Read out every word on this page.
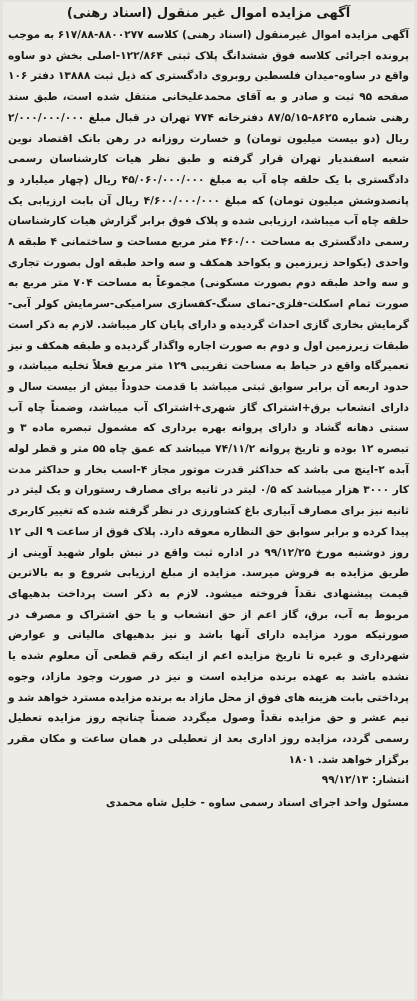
آگهی مزایده اموال غیر منقول (اسناد رهنی)

آگهی مزایده اموال غیرمنقول (اسناد رهنی) کلاسه ۸۸۰۰۲۷۷-۶۱۷/۸۸ به موجب پرونده اجرائی کلاسه فوق ششدانگ پلاک ثبتی ۱۲۲/۸۶۴-اصلی بخش دو ساوه واقع در ساوه-میدان فلسطین روبروی دادگستری که ذیل ثبت ۱۳۸۸۸ دفتر ۱۰۶ صفحه ۹۵ ثبت و صادر و به آقای محمدعلیخانی منتقل شده است، طبق سند رهنی شماره ۸۶۲۵-۸۷/۵/۱۵ دفترخانه ۷۷۴ تهران در قبال مبلغ ۲/۰۰۰/۰۰۰/۰۰۰ ریال (دو بیست میلیون تومان) و خسارت روزانه در رهن بانک اقتصاد نوین شعبه اسفندیار تهران قرار گرفته و طبق نظر هیات کارشناسان رسمی دادگستری با یک حلقه چاه آب به مبلغ ۴۵/۰۶۰/۰۰۰/۰۰۰ ریال (چهار میلیارد و پانصدوشش میلیون تومان) که مبلغ ۴/۶۰۰/۰۰۰/۰۰۰ ریال آن بابت ارزیابی یک حلقه چاه آب میباشد، ارزیابی شده و پلاک فوق برابر گزارش هیات کارشناسان رسمی دادگستری به مساحت ۴۶۰/۰۰ متر مربع مساحت و ساختمانی ۴ طبقه ۸ واحدی (یکواحد زیرزمین و یکواحد همکف و سه واحد طبقه اول بصورت تجاری و سه واحد طبقه دوم بصورت مسکونی) مجموعاً به مساحت ۷۰۴ متر مربع به صورت تمام اسکلت-فلزی-نمای سنگ-کفسازی سرامیکی-سرمایش کولر آبی-گرمایش بخاری گازی احداث گردیده و دارای پایان کار میباشد. لازم به ذکر است طبقات زیرزمین اول و دوم به صورت اجاره واگذار گردیده و طبقه همکف و نیز تعمیرگاه واقع در حیاط به مساحت تقریبی ۱۲۹ متر مربع فعلاً تخلیه میباشد، و حدود اربعه آن برابر سوابق ثبتی میباشد با قدمت حدوداً بیش از بیست سال و دارای انشعاب برق+اشتراک گاز شهری+اشتراک آب میباشد، وضمناً چاه آب سنتی دهانه گشاد و دارای پروانه بهره برداری که مشمول تبصره ماده ۳ و تبصره ۱۲ بوده و تاریخ پروانه ۷۴/۱۱/۲ میباشد که عمق چاه ۵۵ متر و قطر لوله آبده ۲-اینچ می باشد که حداکثر قدرت موتور مجاز ۴-اسب بخار و حداکثر مدت کار ۳۰۰۰ هزار میباشد که ۰/۵ لیتر در ثانیه برای مصارف رستوران و یک لیتر در ثانیه نیز برای مصارف آبیاری باغ کشاورزی در نظر گرفته شده که تغییر کاربری پیدا کرده و برابر سوابق حق النظاره معوقه دارد. پلاک فوق از ساعت ۹ الی ۱۲ روز دوشنبه مورخ ۹۹/۱۲/۲۵ در اداره ثبت واقع در نبش بلوار شهید آوینی از طریق مزایده به فروش میرسد. مزایده از مبلغ ارزیابی شروع و به بالاترین قیمت پیشنهادی نقداً فروخته میشود. لازم به ذکر است پرداخت بدهیهای مربوط به آب، برق، گاز اعم از حق انشعاب و یا حق اشتراک و مصرف در صورتیکه مورد مزایده دارای آنها باشد و نیز بدهیهای مالیاتی و عوارض شهرداری و غیره تا تاریخ مزایده اعم از اینکه رقم قطعی آن معلوم شده یا نشده باشد به عهده برنده مزایده است و نیز در صورت وجود مازاد، وجوه پرداختی بابت هزینه های فوق از محل مازاد به برنده مزایده مسترد خواهد شد و نیم عشر و حق مزایده نقداً وصول میگردد ضمناً چنانچه روز مزایده تعطیل رسمی گردد، مزایده روز اداری بعد از تعطیلی در همان ساعت و مکان مقرر برگزار خواهد شد. ۱۸۰۱

انتشار: ۹۹/۱۲/۱۳

مسئول واحد اجرای اسناد رسمی ساوه - خلیل شاه محمدی
